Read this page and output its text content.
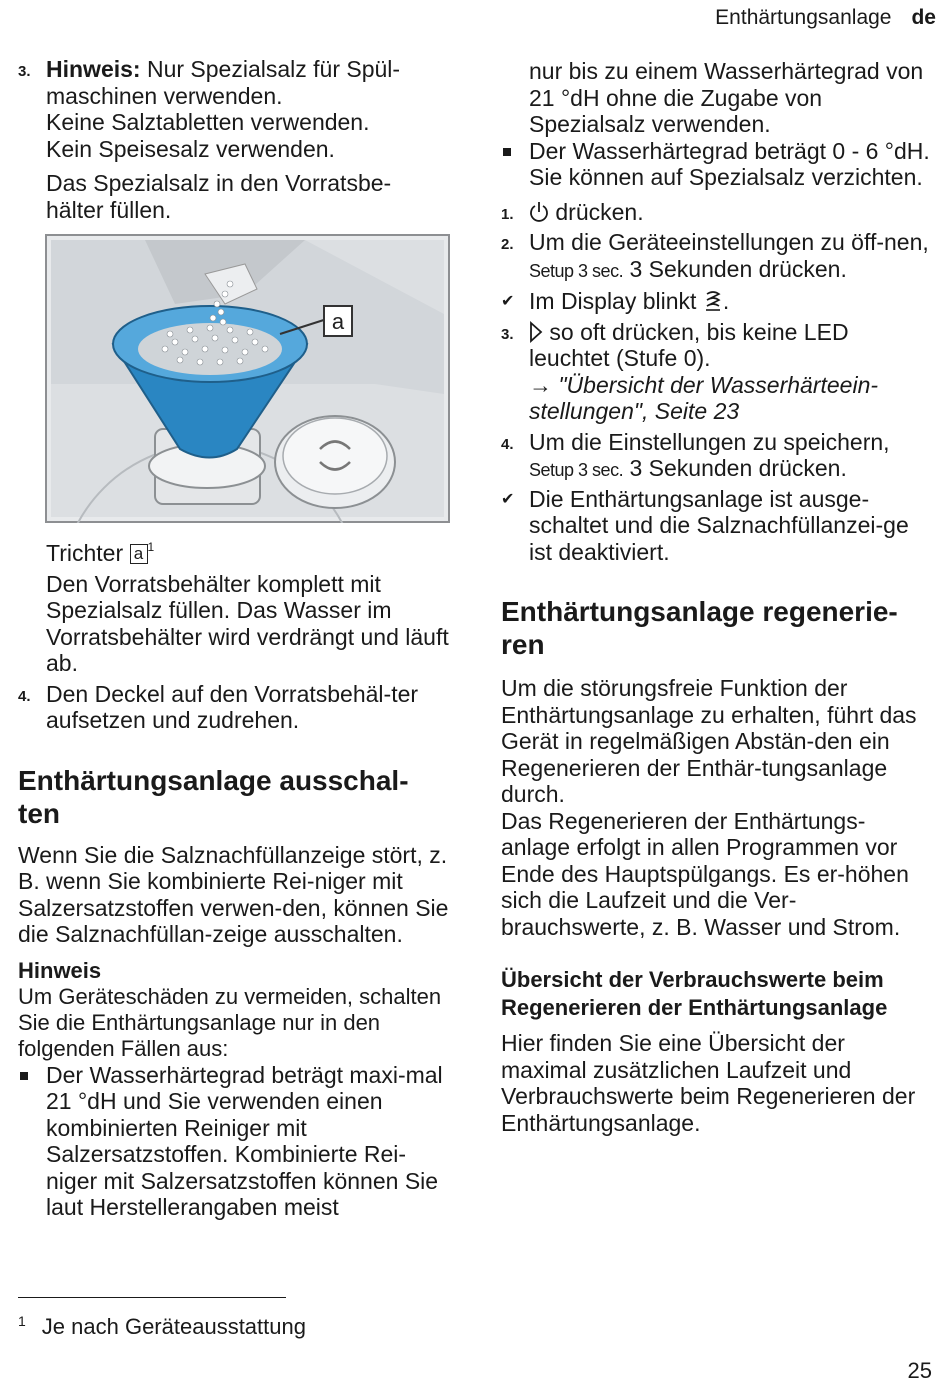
Enthärtungsanlage de
3. Hinweis: Nur Spezialsalz für Spül-maschinen verwenden.
Keine Salztabletten verwenden.
Kein Speisesalz verwenden.
Das Spezialsalz in den Vorratsbe-
hälter füllen.
a
Trichter a $^1$
Den Vorratsbehälter komplett mit Spezialsalz füllen. Das Wasser im Vorratsbehälter wird verdrängt und läuft ab.
4. Den Deckel auf den Vorratsbehäl-ter aufsetzen und zudrehen.
Enthärtungsanlage ausschal-ten
Wenn Sie die Salznachfüllanzeige stört, z. B. wenn Sie kombinierte Rei-niger mit Salzersatzstoffen verwen-den, können Sie die Salznachfüllan-zeige ausschalten.
Hinweis
Um Geräteschäden zu vermeiden, schalten Sie die Enthärtungsanlage nur in den folgenden Fällen aus:
Der Wasserhärtegrad beträgt maxi-mal 21 °dH und Sie verwenden einen kombinierten Reiniger mit Salzersatzstoffen. Kombinierte Rei-niger mit Salzersatzstoffen können Sie laut Herstellerangaben meist
nur bis zu einem Wasserhärtegrad von 21 °dH ohne die Zugabe von Spezialsalz verwenden.
Der Wasserhärtegrad beträgt 0 - 6 °dH. Sie können auf Spezialsalz verzichten.
1.	drücken.
2. Um die Geräteeinstellungen zu öff-nen, Setup 3 sec. 3 Sekunden drücken.
✔ Im Display blinkt .
3.	so oft drücken, bis keine LED leuchtet (Stufe 0).
→ "Übersicht der Wasserhärteein-stellungen", Seite 23
4. Um die Einstellungen zu speichern, Setup 3 sec. 3 Sekunden drücken.
✔ Die Enthärtungsanlage ist ausge-schaltet und die Salznachfüllanzei-ge ist deaktiviert.
Enthärtungsanlage regenerie-ren
Um die störungsfreie Funktion der Enthärtungsanlage zu erhalten, führt das Gerät in regelmäßigen Abstän-den ein Regenerieren der Enthär-tungsanlage durch.
Das Regenerieren der Enthärtungs-anlage erfolgt in allen Programmen vor Ende des Hauptspülgangs. Es er-höhen sich die Laufzeit und die Ver-brauchswerte, z. B. Wasser und Strom.
Übersicht der Verbrauchswerte beim Regenerieren der Enthärtungsanlage
Hier finden Sie eine Übersicht der maximal zusätzlichen Laufzeit und Verbrauchswerte beim Regenerieren der Enthärtungsanlage.
$^1$ Je nach Geräteausstattung
25
